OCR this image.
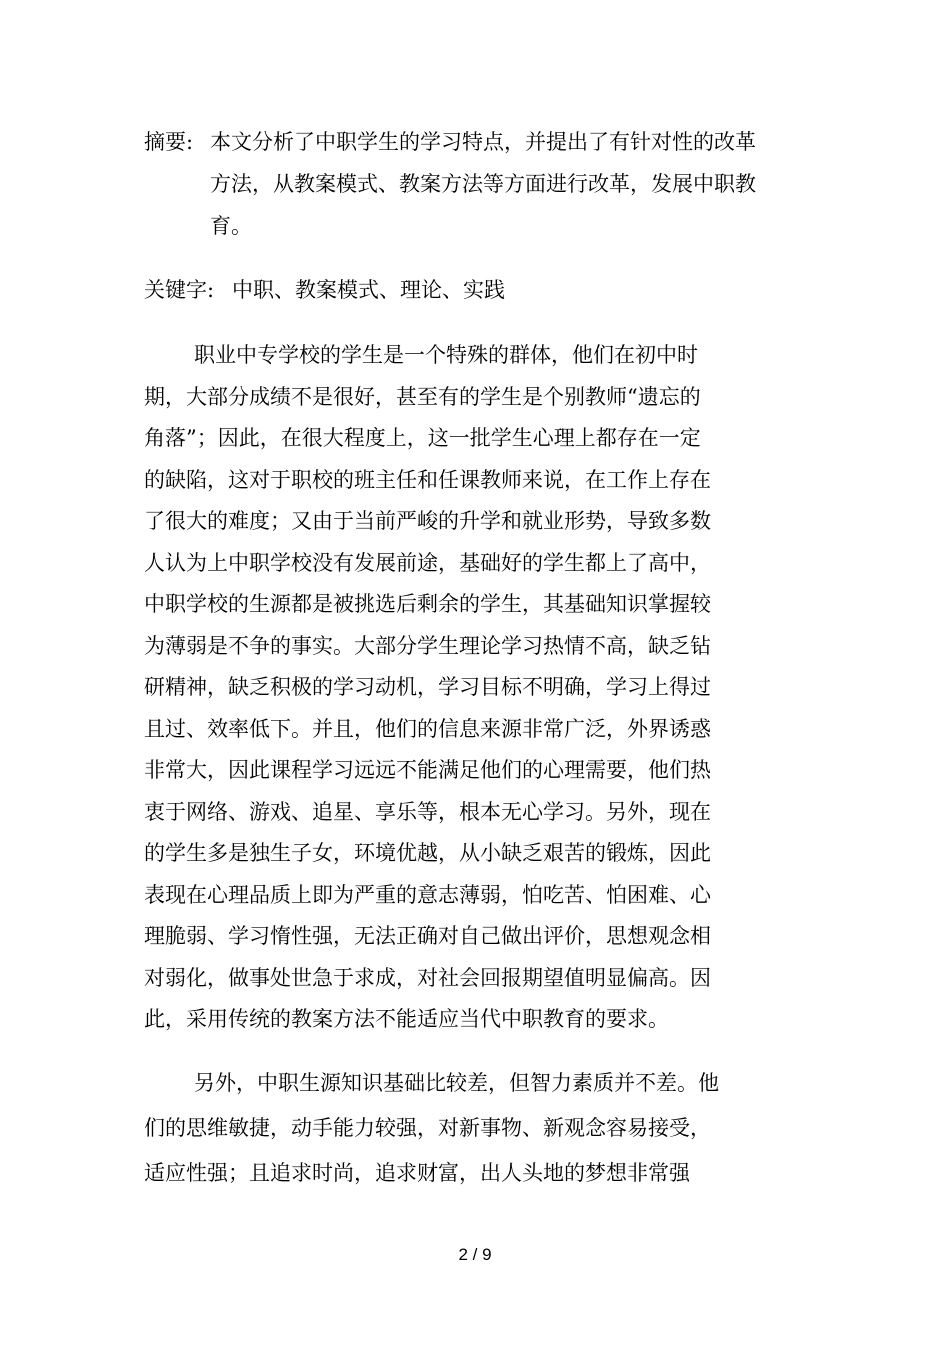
摘要: 本文分析了中职学生的学习特点，并提出了有针对性的改革
方法，从教案模式、教案方法等方面进行改革，发展中职教
育。
关键字: 中职、教案模式、理论、实践
职业中专学校的学生是一个特殊的群体，他们在初中时
期，大部分成绩不是很好，甚至有的学生是个别教师“遗忘的
角落”；因此，在很大程度上，这一批学生心理上都存在一定
的缺陷，这对于职校的班主任和任课教师来说，在工作上存在
了很大的难度；又由于当前严峻的升学和就业形势，导致多数
人认为上中职学校没有发展前途，基础好的学生都上了高中，
中职学校的生源都是被挑选后剩余的学生，其基础知识掌握较
为薄弱是不争的事实。大部分学生理论学习热情不高，缺乏钻
研精神，缺乏积极的学习动机，学习目标不明确，学习上得过
且过、效率低下。并且，他们的信息来源非常广泛，外界诱惑
非常大，因此课程学习远远不能满足他们的心理需要，他们热
衷于网络、游戏、追星、享乐等，根本无心学习。另外，现在
的学生多是独生子女，环境优越，从小缺乏艰苦的锻炼，因此
表现在心理品质上即为严重的意志薄弱，怕吃苦、怕困难、心
理脆弱、学习惰性强，无法正确对自己做出评价，思想观念相
对弱化，做事处世急于求成，对社会回报期望值明显偏高。因
此，采用传统的教案方法不能适应当代中职教育的要求。
另外，中职生源知识基础比较差，但智力素质并不差。他
们的思维敏捷，动手能力较强，对新事物、新观念容易接受，
适应性强；且追求时尚，追求财富，出人头地的梦想非常强
2 / 9
